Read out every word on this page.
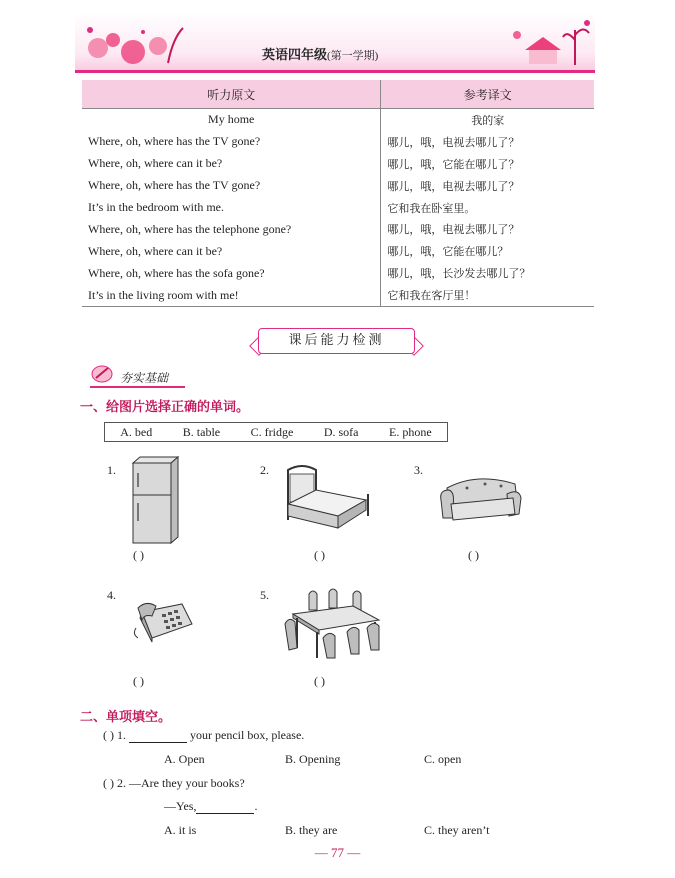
英语四年级(第一学期)
听力原文	参考译文
My home	我的家
Where, oh, where has the TV gone?	哪儿，哦，电视去哪儿了？
Where, oh, where can it be?	哪儿，哦，它能在哪儿了？
Where, oh, where has the TV gone?	哪儿，哦，电视去哪儿了？
It’s in the bedroom with me.	它和我在卧室里。
Where, oh, where has the telephone gone?	哪儿，哦，电视去哪儿了？
Where, oh, where can it be?	哪儿，哦，它能在哪儿？
Where, oh, where has the sofa gone?	哪儿，哦，长沙发去哪儿了？
It’s in the living room with me!	它和我在客厅里！
课后能力检测
夯实基础
一、给图片选择正确的单词。
A. bed	B. table	C. fridge	D. sofa	E. phone
1.
( )
2.
( )
3.
( )
4.
( )
5.
( )
二、单项填空。
( ) 1.	your pencil box, please.
A. Open	B. Opening	C. open
( ) 2. —Are they your books?
—Yes,	.
A. it is	B. they are	C. they aren’t
— 77 —
